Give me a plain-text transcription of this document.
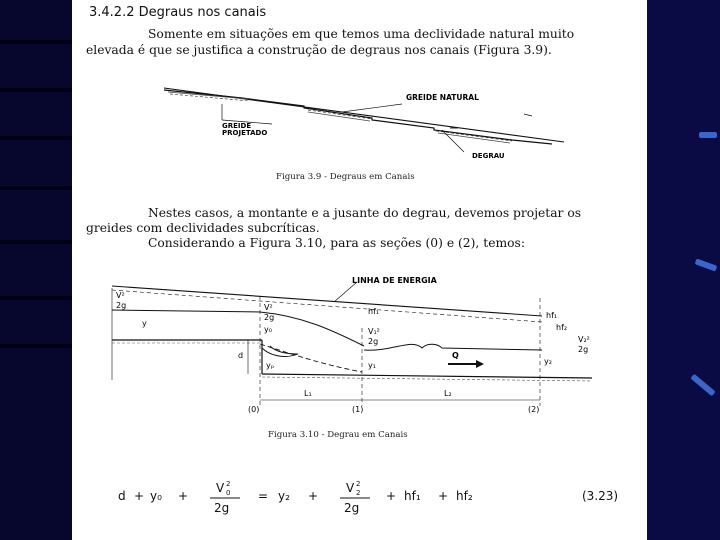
3.4.2.2 Degraus nos canais
Somente em situações em que temos uma declividade natural muito
elevada é que se justifica a construção de degraus nos canais (Figura 3.9).
GREIDE NATURAL
GREIDE
PROJETADO
DEGRAU
Figura 3.9 - Degraus em Canais
Nestes casos, a montante e a jusante do degrau, devemos projetar os
greides com declividades subcríticas.
Considerando a Figura 3.10, para as seções (0) e (2), temos:
LINHA DE ENERGIA
V²
2g
y
V²
2g
y₀
d
yₚ
V₁²
2g
y₁
hf₁	hf₁
hf₂
V₂²
2g
y₂
Q
L₁	L₂
(0)	(1)	(2)
Figura 3.10 - Degrau em Canais
d + y₀ +
V 0
2
2g
= y₂ +
V 2
2
2g
+ hf₁ + hf₂	(3.23)
